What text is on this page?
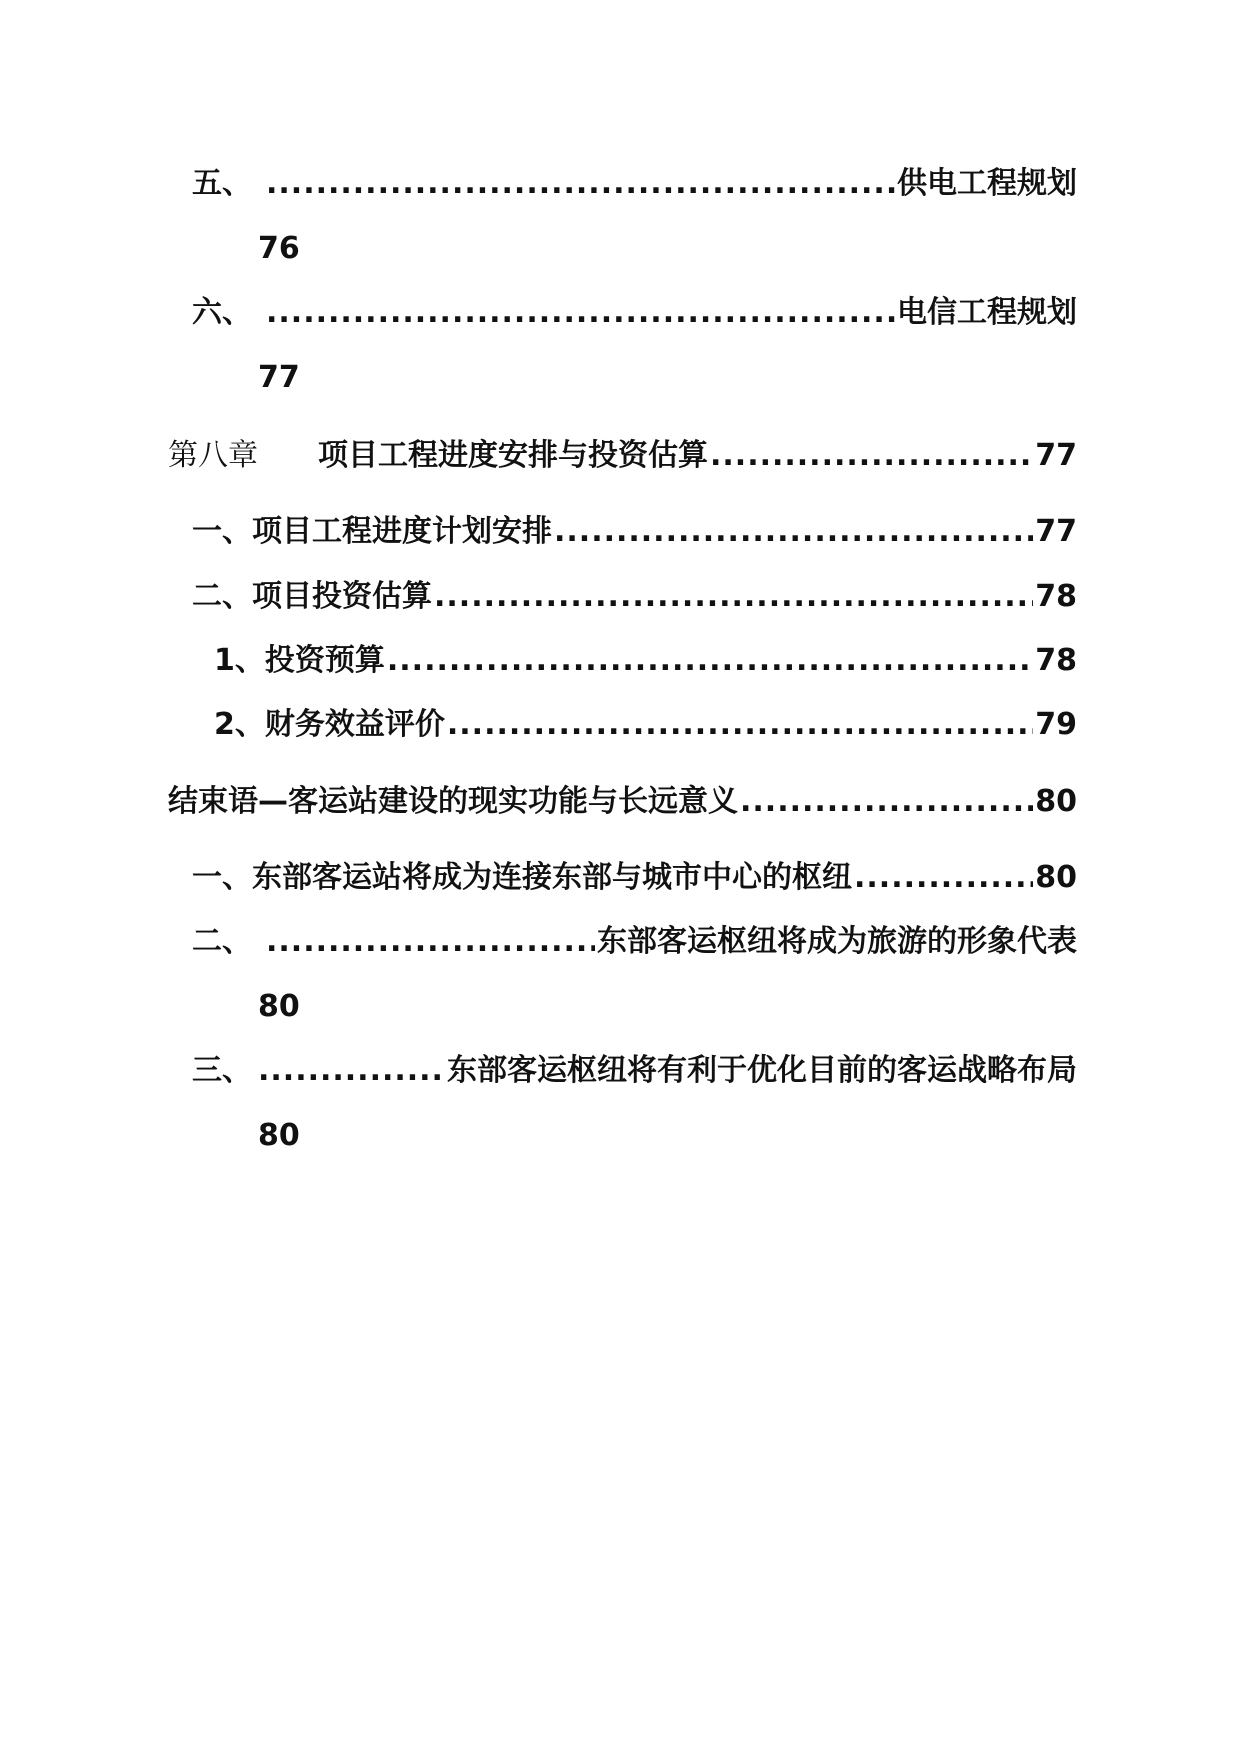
五、 .....	供电工程规划
76
六、 .....	电信工程规划
77
第八章	项目工程进度安排与投资估算 .....	77
一、 项目工程进度计划安排 .....	77
二、 项目投资估算 .....	78
1、 投资预算 .....	78
2、 财务效益评价 .....	79
结束语—客运站建设的现实功能与长远意义 .....	80
一、 东部客运站将成为连接东部与城市中心的枢纽 .....	80
二、 .....	东部客运枢纽将成为旅游的形象代表
80
三、 .....	东部客运枢纽将有利于优化目前的客运战略布局
80
